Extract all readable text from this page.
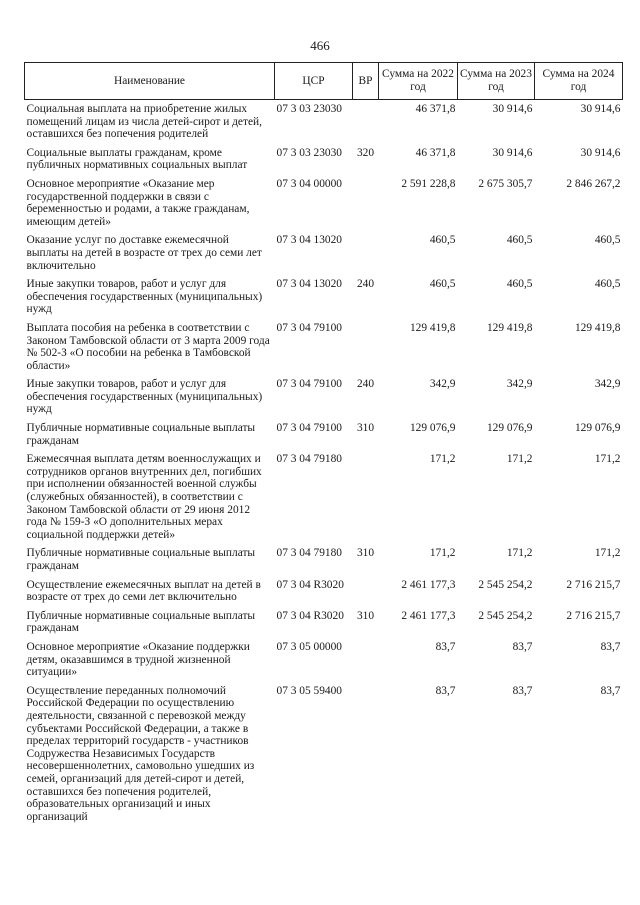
466
Наименование	ЦСР	ВР	Сумма на 2022 год	Сумма на 2023 год	Сумма на 2024 год
Социальная выплата на приобретение жилых помещений лицам из числа детей-сирот и детей, оставшихся без попечения родителей	07 3 03 23030		46 371,8	30 914,6	30 914,6
Социальные выплаты гражданам, кроме публичных нормативных социальных выплат	07 3 03 23030	320	46 371,8	30 914,6	30 914,6
Основное мероприятие «Оказание мер государственной поддержки в связи с беременностью и родами, а также гражданам, имеющим детей»	07 3 04 00000		2 591 228,8	2 675 305,7	2 846 267,2
Оказание услуг по доставке ежемесячной выплаты на детей в возрасте от трех до семи лет включительно	07 3 04 13020		460,5	460,5	460,5
Иные закупки товаров, работ и услуг для обеспечения государственных (муниципальных) нужд	07 3 04 13020	240	460,5	460,5	460,5
Выплата пособия на ребенка в соответствии с Законом Тамбовской области от 3 марта 2009 года № 502-З «О пособии на ребенка в Тамбовской области»	07 3 04 79100		129 419,8	129 419,8	129 419,8
Иные закупки товаров, работ и услуг для обеспечения государственных (муниципальных) нужд	07 3 04 79100	240	342,9	342,9	342,9
Публичные нормативные социальные выплаты гражданам	07 3 04 79100	310	129 076,9	129 076,9	129 076,9
Ежемесячная выплата детям военнослужащих и сотрудников органов внутренних дел, погибших при исполнении обязанностей военной службы (служебных обязанностей), в соответствии с Законом Тамбовской области от 29 июня 2012 года № 159-З «О дополнительных мерах социальной поддержки детей»	07 3 04 79180		171,2	171,2	171,2
Публичные нормативные социальные выплаты гражданам	07 3 04 79180	310	171,2	171,2	171,2
Осуществление ежемесячных выплат на детей в возрасте от трех до семи лет включительно	07 3 04 R3020		2 461 177,3	2 545 254,2	2 716 215,7
Публичные нормативные социальные выплаты гражданам	07 3 04 R3020	310	2 461 177,3	2 545 254,2	2 716 215,7
Основное мероприятие «Оказание поддержки детям, оказавшимся в трудной жизненной ситуации»	07 3 05 00000		83,7	83,7	83,7
Осуществление переданных полномочий Российской Федерации по осуществлению деятельности, связанной с перевозкой между субъектами Российской Федерации, а также в пределах территорий государств - участников Содружества Независимых Государств несовершеннолетних, самовольно ушедших из семей, организаций для детей-сирот и детей, оставшихся без попечения родителей, образовательных организаций и иных организаций	07 3 05 59400		83,7	83,7	83,7
